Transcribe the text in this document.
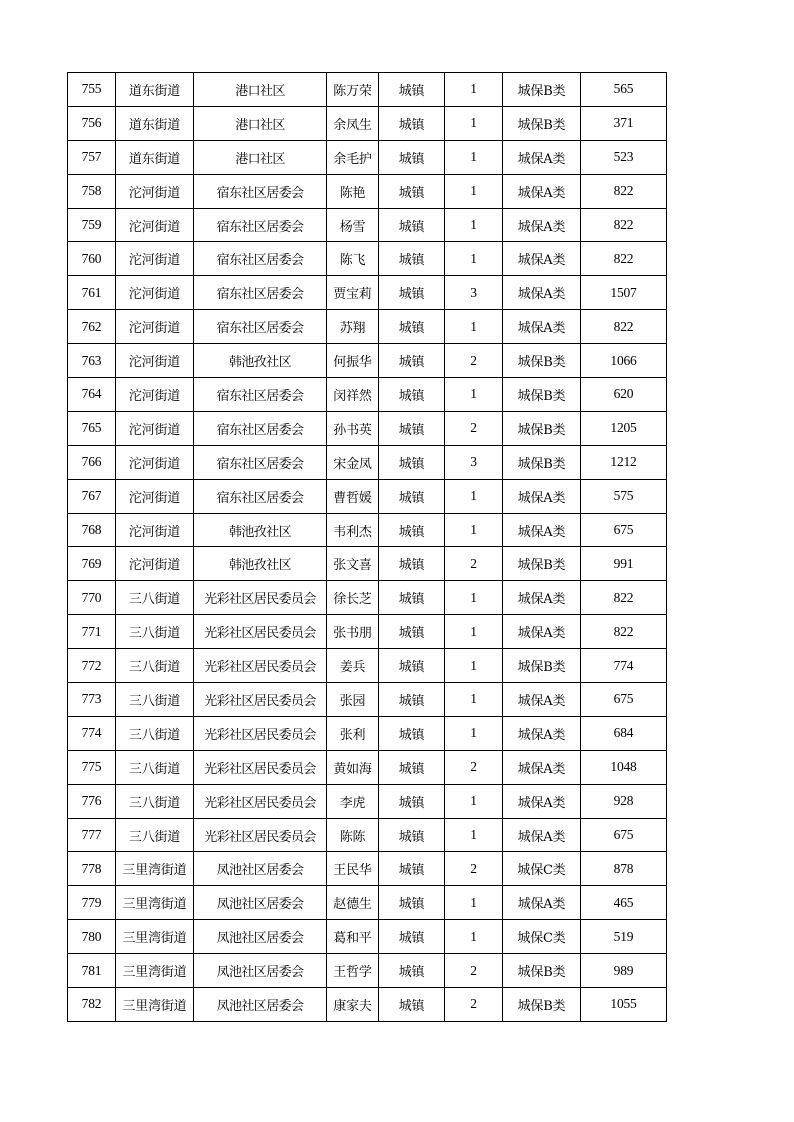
755	道东街道	港口社区	陈万荣	城镇	1	城保B类	565
756	道东街道	港口社区	余凤生	城镇	1	城保B类	371
757	道东街道	港口社区	余毛护	城镇	1	城保A类	523
758	沱河街道	宿东社区居委会	陈艳	城镇	1	城保A类	822
759	沱河街道	宿东社区居委会	杨雪	城镇	1	城保A类	822
760	沱河街道	宿东社区居委会	陈飞	城镇	1	城保A类	822
761	沱河街道	宿东社区居委会	贾宝莉	城镇	3	城保A类	1507
762	沱河街道	宿东社区居委会	苏翔	城镇	1	城保A类	822
763	沱河街道	韩池孜社区	何振华	城镇	2	城保B类	1066
764	沱河街道	宿东社区居委会	闵祥然	城镇	1	城保B类	620
765	沱河街道	宿东社区居委会	孙书英	城镇	2	城保B类	1205
766	沱河街道	宿东社区居委会	宋金凤	城镇	3	城保B类	1212
767	沱河街道	宿东社区居委会	曹哲媛	城镇	1	城保A类	575
768	沱河街道	韩池孜社区	韦利杰	城镇	1	城保A类	675
769	沱河街道	韩池孜社区	张文喜	城镇	2	城保B类	991
770	三八街道	光彩社区居民委员会	徐长芝	城镇	1	城保A类	822
771	三八街道	光彩社区居民委员会	张书朋	城镇	1	城保A类	822
772	三八街道	光彩社区居民委员会	姜兵	城镇	1	城保B类	774
773	三八街道	光彩社区居民委员会	张园	城镇	1	城保A类	675
774	三八街道	光彩社区居民委员会	张利	城镇	1	城保A类	684
775	三八街道	光彩社区居民委员会	黄如海	城镇	2	城保A类	1048
776	三八街道	光彩社区居民委员会	李虎	城镇	1	城保A类	928
777	三八街道	光彩社区居民委员会	陈陈	城镇	1	城保A类	675
778	三里湾街道	凤池社区居委会	王民华	城镇	2	城保C类	878
779	三里湾街道	凤池社区居委会	赵德生	城镇	1	城保A类	465
780	三里湾街道	凤池社区居委会	葛和平	城镇	1	城保C类	519
781	三里湾街道	凤池社区居委会	王哲学	城镇	2	城保B类	989
782	三里湾街道	凤池社区居委会	康家夫	城镇	2	城保B类	1055
